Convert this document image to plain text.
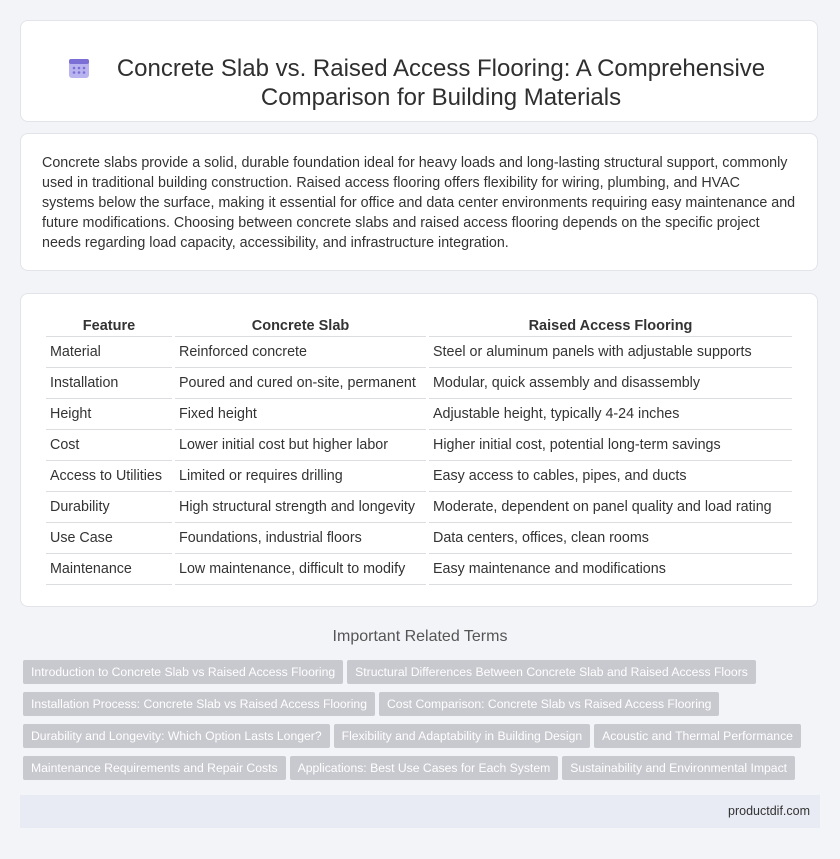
Concrete Slab vs. Raised Access Flooring: A Comprehensive Comparison for Building Materials

Concrete slabs provide a solid, durable foundation ideal for heavy loads and long-lasting structural support, commonly used in traditional building construction. Raised access flooring offers flexibility for wiring, plumbing, and HVAC systems below the surface, making it essential for office and data center environments requiring easy maintenance and future modifications. Choosing between concrete slabs and raised access flooring depends on the specific project needs regarding load capacity, accessibility, and infrastructure integration.

Feature	Concrete Slab	Raised Access Flooring
Material	Reinforced concrete	Steel or aluminum panels with adjustable supports
Installation	Poured and cured on-site, permanent	Modular, quick assembly and disassembly
Height	Fixed height	Adjustable height, typically 4-24 inches
Cost	Lower initial cost but higher labor	Higher initial cost, potential long-term savings
Access to Utilities	Limited or requires drilling	Easy access to cables, pipes, and ducts
Durability	High structural strength and longevity	Moderate, dependent on panel quality and load rating
Use Case	Foundations, industrial floors	Data centers, offices, clean rooms
Maintenance	Low maintenance, difficult to modify	Easy maintenance and modifications
Important Related Terms
Introduction to Concrete Slab vs Raised Access Flooring Structural Differences Between Concrete Slab and Raised Access Floors
Installation Process: Concrete Slab vs Raised Access Flooring Cost Comparison: Concrete Slab vs Raised Access Flooring
Durability and Longevity: Which Option Lasts Longer? Flexibility and Adaptability in Building Design Acoustic and Thermal Performance
Maintenance Requirements and Repair Costs Applications: Best Use Cases for Each System Sustainability and Environmental Impact
productdif.com
